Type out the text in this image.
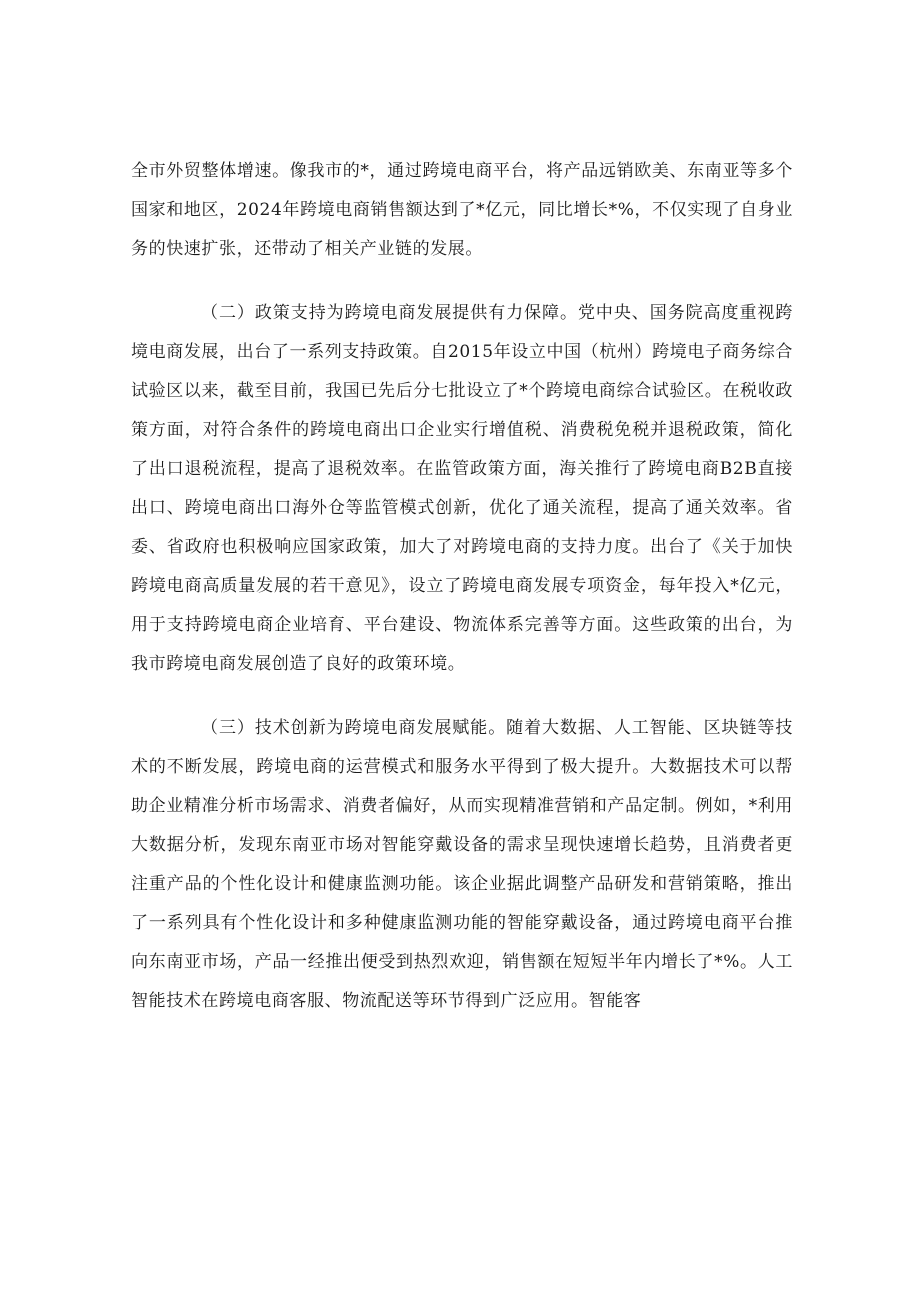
全市外贸整体增速。像我市的*，通过跨境电商平台，将产品远销欧美、东南亚等多个国家和地区，2024年跨境电商销售额达到了*亿元，同比增长*%，不仅实现了自身业务的快速扩张，还带动了相关产业链的发展。

（二）政策支持为跨境电商发展提供有力保障。党中央、国务院高度重视跨境电商发展，出台了一系列支持政策。自2015年设立中国（杭州）跨境电子商务综合试验区以来，截至目前，我国已先后分七批设立了*个跨境电商综合试验区。在税收政策方面，对符合条件的跨境电商出口企业实行增值税、消费税免税并退税政策，简化了出口退税流程，提高了退税效率。在监管政策方面，海关推行了跨境电商B2B直接出口、跨境电商出口海外仓等监管模式创新，优化了通关流程，提高了通关效率。省委、省政府也积极响应国家政策，加大了对跨境电商的支持力度。出台了《关于加快跨境电商高质量发展的若干意见》，设立了跨境电商发展专项资金，每年投入*亿元，用于支持跨境电商企业培育、平台建设、物流体系完善等方面。这些政策的出台，为我市跨境电商发展创造了良好的政策环境。

（三）技术创新为跨境电商发展赋能。随着大数据、人工智能、区块链等技术的不断发展，跨境电商的运营模式和服务水平得到了极大提升。大数据技术可以帮助企业精准分析市场需求、消费者偏好，从而实现精准营销和产品定制。例如，*利用大数据分析，发现东南亚市场对智能穿戴设备的需求呈现快速增长趋势，且消费者更注重产品的个性化设计和健康监测功能。该企业据此调整产品研发和营销策略，推出了一系列具有个性化设计和多种健康监测功能的智能穿戴设备，通过跨境电商平台推向东南亚市场，产品一经推出便受到热烈欢迎，销售额在短短半年内增长了*%。人工智能技术在跨境电商客服、物流配送等环节得到广泛应用。智能客
